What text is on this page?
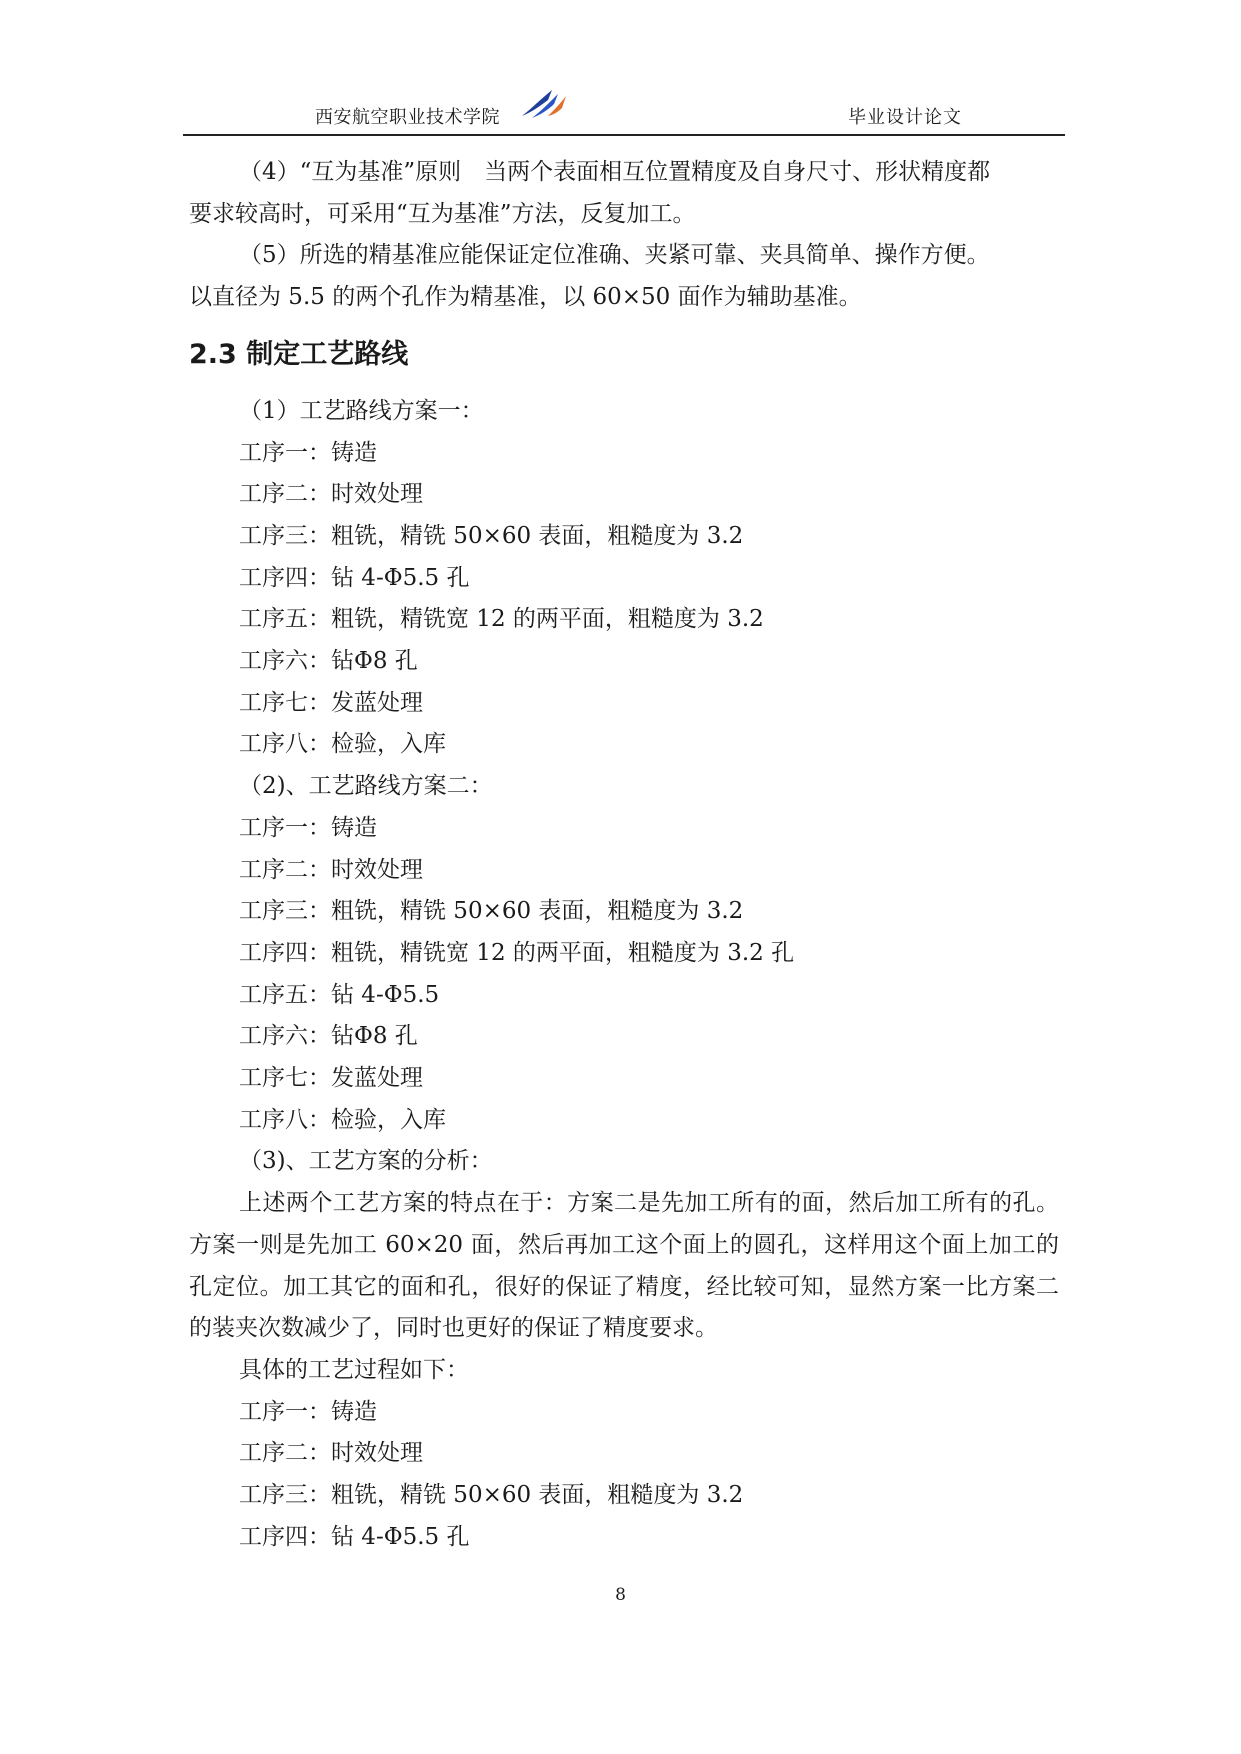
西安航空职业技术学院	毕业设计论文

（4）“互为基准”原则　当两个表面相互位置精度及自身尺寸、形状精度都

要求较高时，可采用“互为基准”方法，反复加工。

（5）所选的精基准应能保证定位准确、夹紧可靠、夹具简单、操作方便。

以直径为 5.5 的两个孔作为精基准，以 60×50 面作为辅助基准。

2.3 制定工艺路线

（1）工艺路线方案一：

工序一：铸造

工序二：时效处理

工序三：粗铣，精铣 50×60 表面，粗糙度为 3.2

工序四：钻 4-Φ5.5 孔

工序五：粗铣，精铣宽 12 的两平面，粗糙度为 3.2

工序六：钻Φ8 孔

工序七：发蓝处理

工序八：检验，入库

（2)、工艺路线方案二：

工序一：铸造

工序二：时效处理

工序三：粗铣，精铣 50×60 表面，粗糙度为 3.2

工序四：粗铣，精铣宽 12 的两平面，粗糙度为 3.2 孔

工序五：钻 4-Φ5.5

工序六：钻Φ8 孔

工序七：发蓝处理

工序八：检验，入库

（3)、工艺方案的分析：

上述两个工艺方案的特点在于：方案二是先加工所有的面，然后加工所有的孔。方案一则是先加工 60×20 面，然后再加工这个面上的圆孔，这样用这个面上加工的孔定位。加工其它的面和孔，很好的保证了精度，经比较可知，显然方案一比方案二的装夹次数减少了，同时也更好的保证了精度要求。

具体的工艺过程如下：

工序一：铸造

工序二：时效处理

工序三：粗铣，精铣 50×60 表面，粗糙度为 3.2

工序四：钻 4-Φ5.5 孔

8
